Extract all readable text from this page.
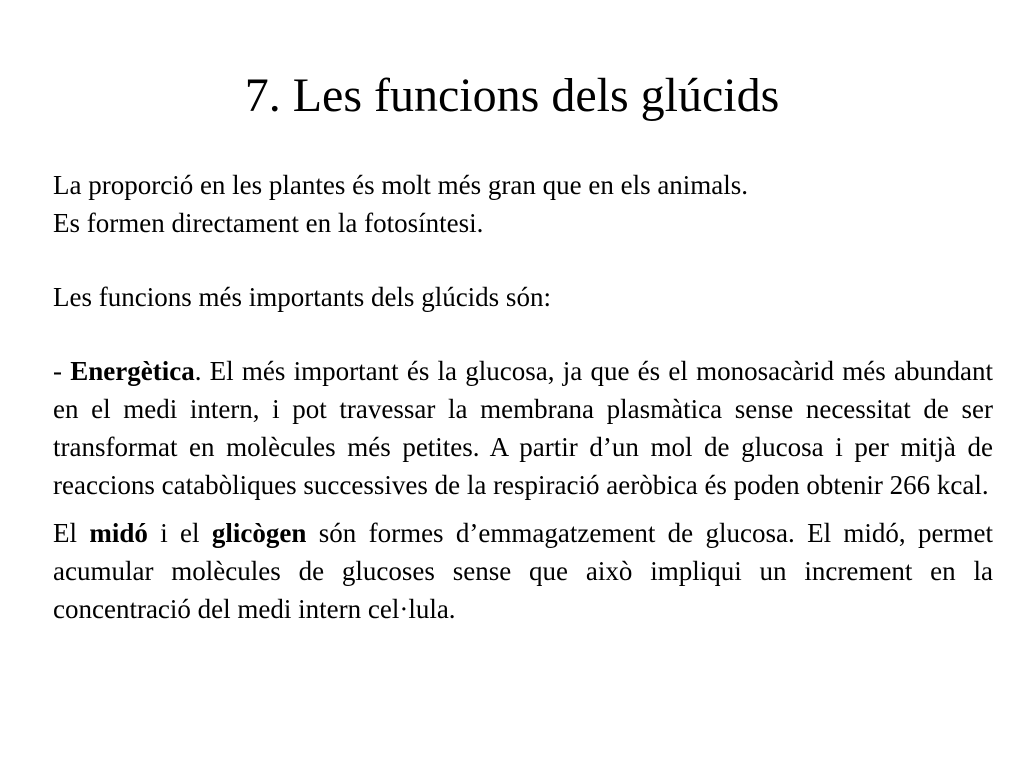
7. Les funcions dels glúcids

La proporció en les plantes és molt més gran que en els animals.
Es formen directament en la fotosíntesi.

Les funcions més importants dels glúcids són:

- Energètica. El més important és la glucosa, ja que és el monosacàrid més abundant en el medi intern, i pot travessar la membrana plasmàtica sense necessitat de ser transformat en molècules més petites. A partir d’un mol de glucosa i per mitjà de reaccions catabòliques successives de la respiració aeròbica és poden obtenir 266 kcal.

El midó i el glicògen són formes d’emmagatzement de glucosa. El midó, permet acumular molècules de glucoses sense que això impliqui un increment en la concentració del medi intern cel·lula.
